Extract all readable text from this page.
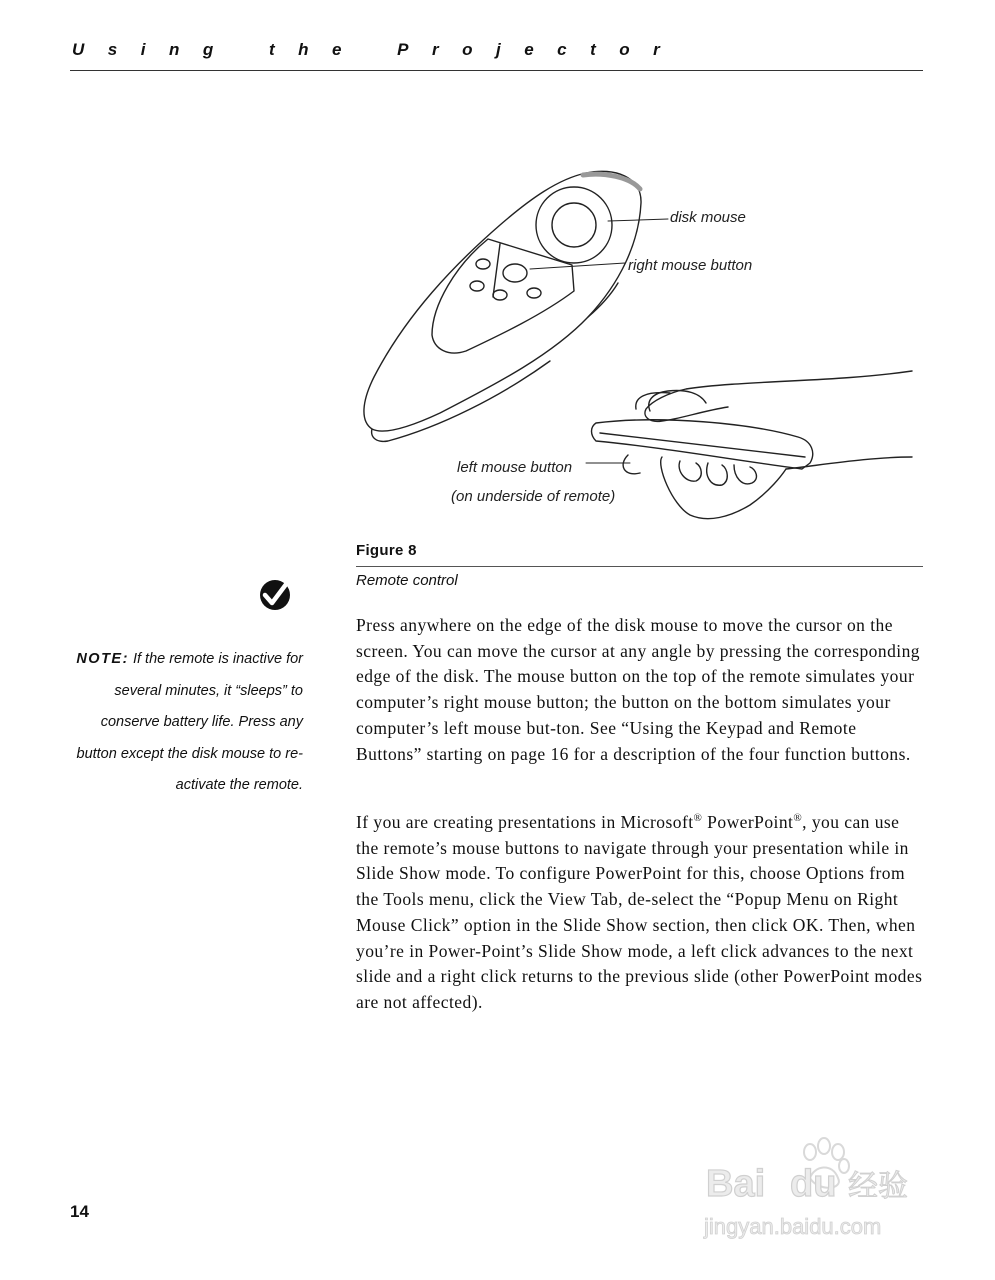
Using the Projector
disk mouse
right mouse button
left mouse button
(on underside of remote)
Figure 8
Remote control
NOTE: If the remote is inactive for several minutes, it “sleeps” to conserve battery life. Press any button except the disk mouse to re-activate the remote.
Press anywhere on the edge of the disk mouse to move the cursor on the screen. You can move the cursor at any angle by pressing the corresponding edge of the disk. The mouse button on the top of the remote simulates your computer’s right mouse button; the button on the bottom simulates your computer’s left mouse but-ton. See “Using the Keypad and Remote Buttons” starting on page 16 for a description of the four function buttons.
If you are creating presentations in Microsoft® PowerPoint®, you can use the remote’s mouse buttons to navigate through your presentation while in Slide Show mode. To configure PowerPoint for this, choose Options from the Tools menu, click the View Tab, de-select the “Popup Menu on Right Mouse Click” option in the Slide Show section, then click OK. Then, when you’re in Power-Point’s Slide Show mode, a left click advances to the next slide and a right click returns to the previous slide (other PowerPoint modes are not affected).
14
Bai du 经验
jingyan.baidu.com
